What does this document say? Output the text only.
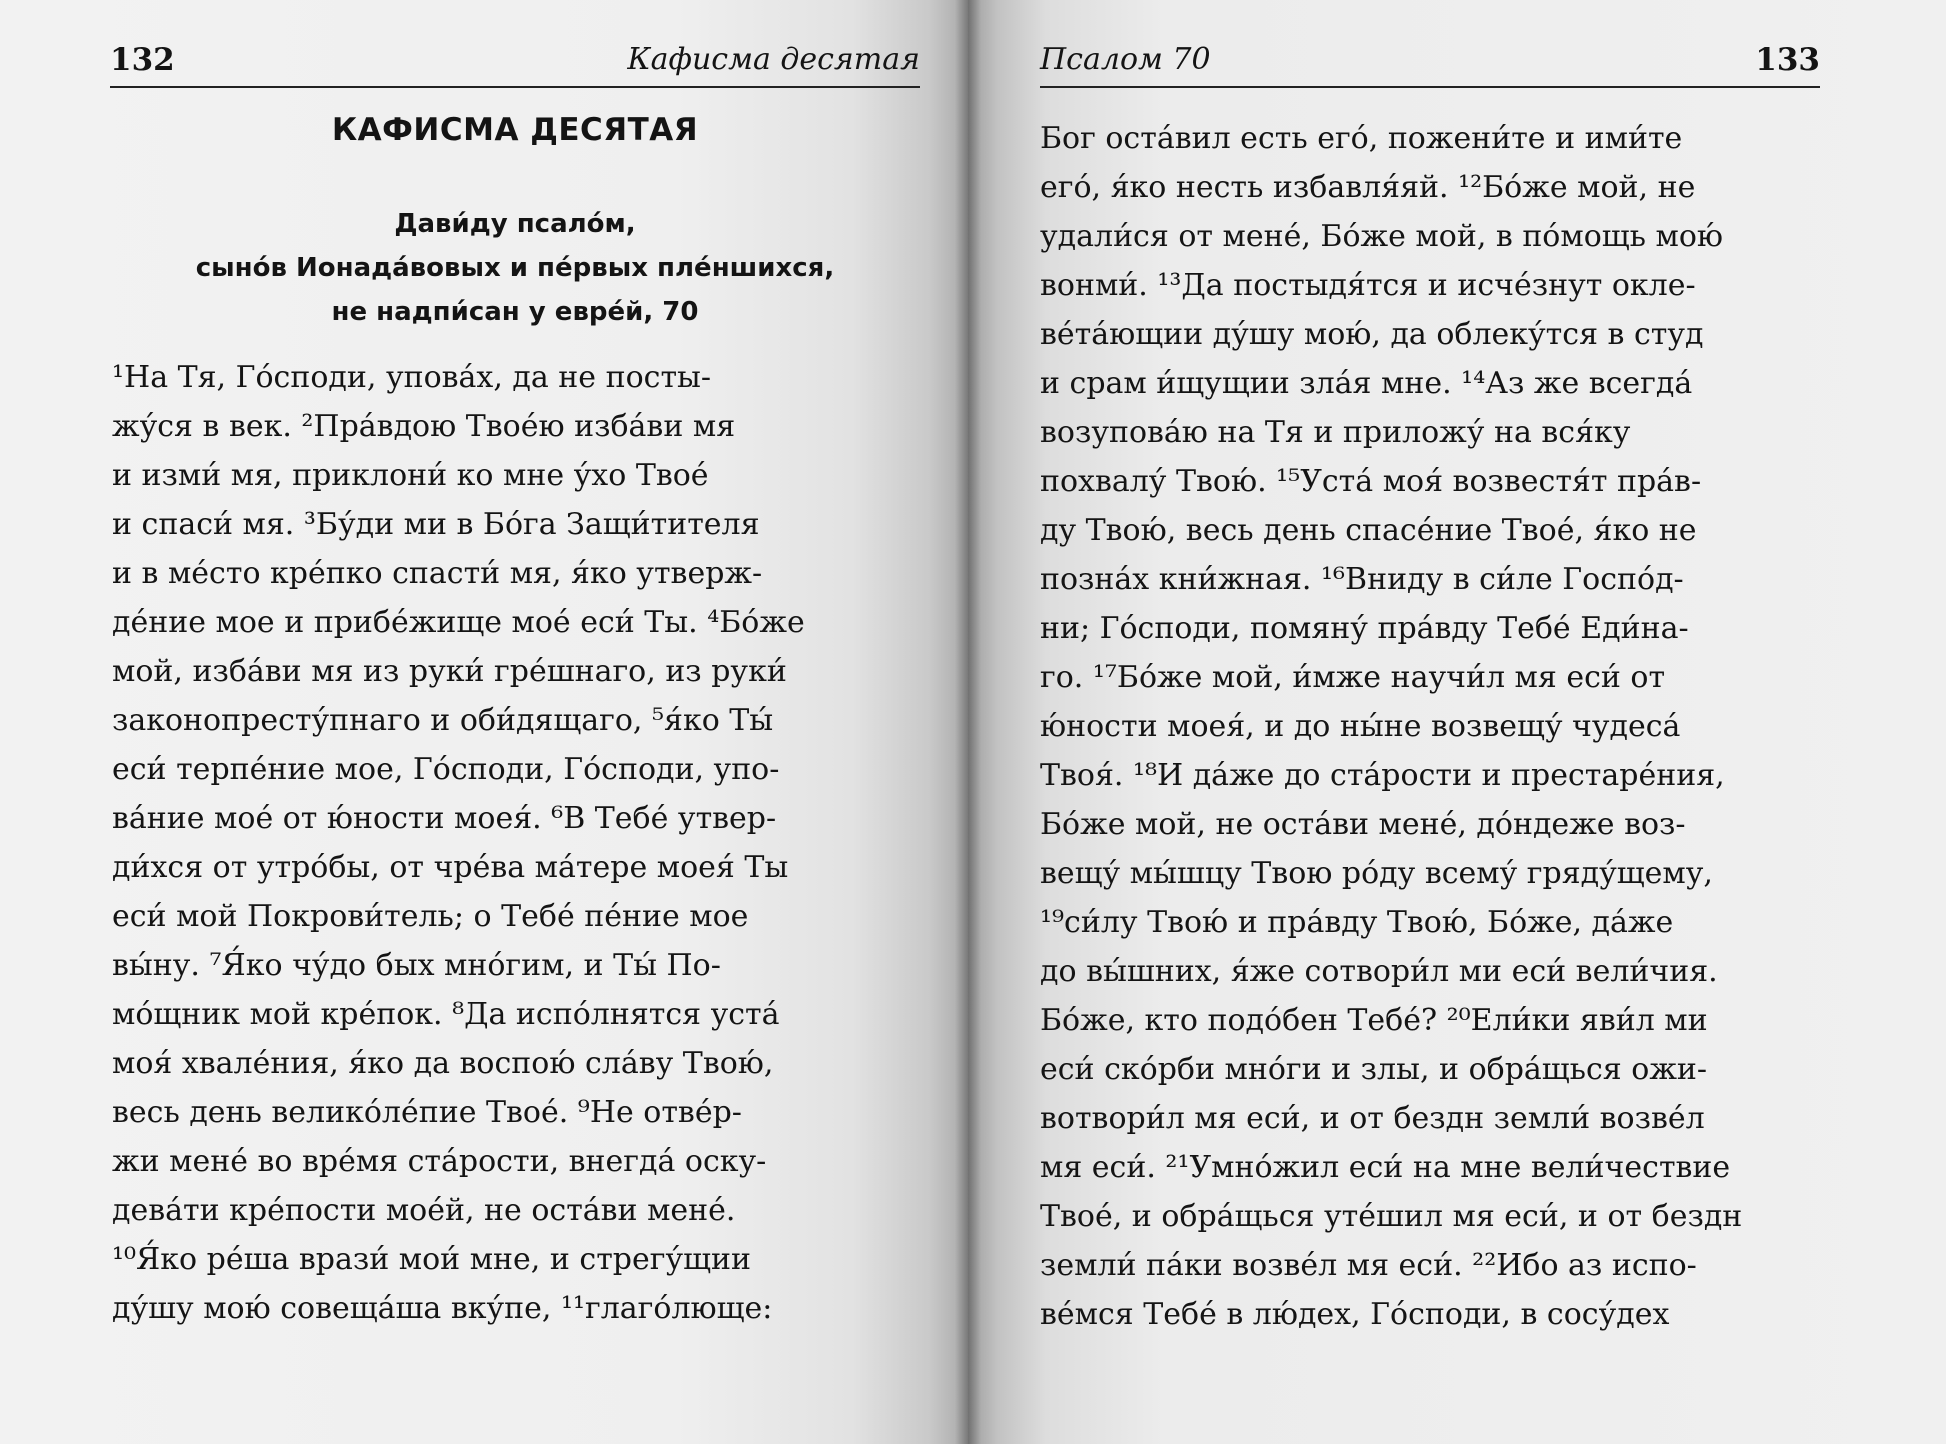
132	Кафисма десятая
КАФИСМА ДЕСЯТАЯ
Дави́ду псало́м,
сыно́в Ионада́вовых и пе́рвых пле́ншихся,
не надпи́сан у евре́й, 70
¹На Тя, Го́споди, упова́х, да не посты-
жу́ся в век. ²Пра́вдою Твое́ю изба́ви мя
и изми́ мя, приклони́ ко мне у́хо Твое́
и спаси́ мя. ³Бу́ди ми в Бо́га Защи́тителя
и в ме́сто кре́пко спасти́ мя, я́ко утверж-
де́ние мое и прибе́жище мое́ еси́ Ты. ⁴Бо́же
мой, изба́ви мя из руки́ гре́шнаго, из руки́
законопресту́пнаго и оби́дящаго, ⁵я́ко Ты́
еси́ терпе́ние мое, Го́споди, Го́споди, упо-
ва́ние мое́ от ю́ности моея́. ⁶В Тебе́ утвер-
ди́хся от утро́бы, от чре́ва ма́тере моея́ Ты
еси́ мой Покрови́тель; о Тебе́ пе́ние мое
вы́ну. ⁷Я́ко чу́до бых мно́гим, и Ты́ По-
мо́щник мой кре́пок. ⁸Да испо́лнятся уста́
моя́ хвале́ния, я́ко да воспою́ сла́ву Твою́,
весь день велико́ле́пие Твое́. ⁹Не отве́р-
жи мене́ во вре́мя ста́рости, внегда́ оску-
дева́ти кре́пости мое́й, не оста́ви мене́.
¹⁰Я́ко ре́ша врази́ мои́ мне, и стрегу́щии
ду́шу мою́ совеща́ша вку́пе, ¹¹глаго́люще:
Псалом 70	133
Бог оста́вил есть его́, пожени́те и ими́те
его́, я́ко несть избавля́яй. ¹²Бо́же мой, не
удали́ся от мене́, Бо́же мой, в по́мощь мою́
вонми́. ¹³Да постыдя́тся и исче́знут окле-
ве́та́ющии ду́шу мою́, да облеку́тся в студ
и срам и́щущии зла́я мне. ¹⁴Аз же всегда́
возупова́ю на Тя и приложу́ на вся́ку
похвалу́ Твою́. ¹⁵Уста́ моя́ возвестя́т пра́в-
ду Твою́, весь день спасе́ние Твое́, я́ко не
позна́х кни́жная. ¹⁶Вниду в си́ле Госпо́д-
ни; Го́споди, помяну́ пра́вду Тебе́ Еди́на-
го. ¹⁷Бо́же мой, и́мже научи́л мя еси́ от
ю́ности моея́, и до ны́не возвещу́ чудеса́
Твоя́. ¹⁸И да́же до ста́рости и престаре́ния,
Бо́же мой, не оста́ви мене́, до́ндеже воз-
вещу́ мы́шцу Твою ро́ду всему́ гряду́щему,
¹⁹си́лу Твою́ и пра́вду Твою́, Бо́же, да́же
до вы́шних, я́же сотвори́л ми еси́ вели́чия.
Бо́же, кто подо́бен Тебе́? ²⁰Ели́ки яви́л ми
еси́ ско́рби мно́ги и злы, и обра́щься ожи-
вотвори́л мя еси́, и от бездн земли́ возве́л
мя еси́. ²¹Умно́жил еси́ на мне вели́чествие
Твое́, и обра́щься уте́шил мя еси́, и от бездн
земли́ па́ки возве́л мя еси́. ²²Ибо аз испо-
ве́мся Тебе́ в лю́дех, Го́споди, в сосу́дех
